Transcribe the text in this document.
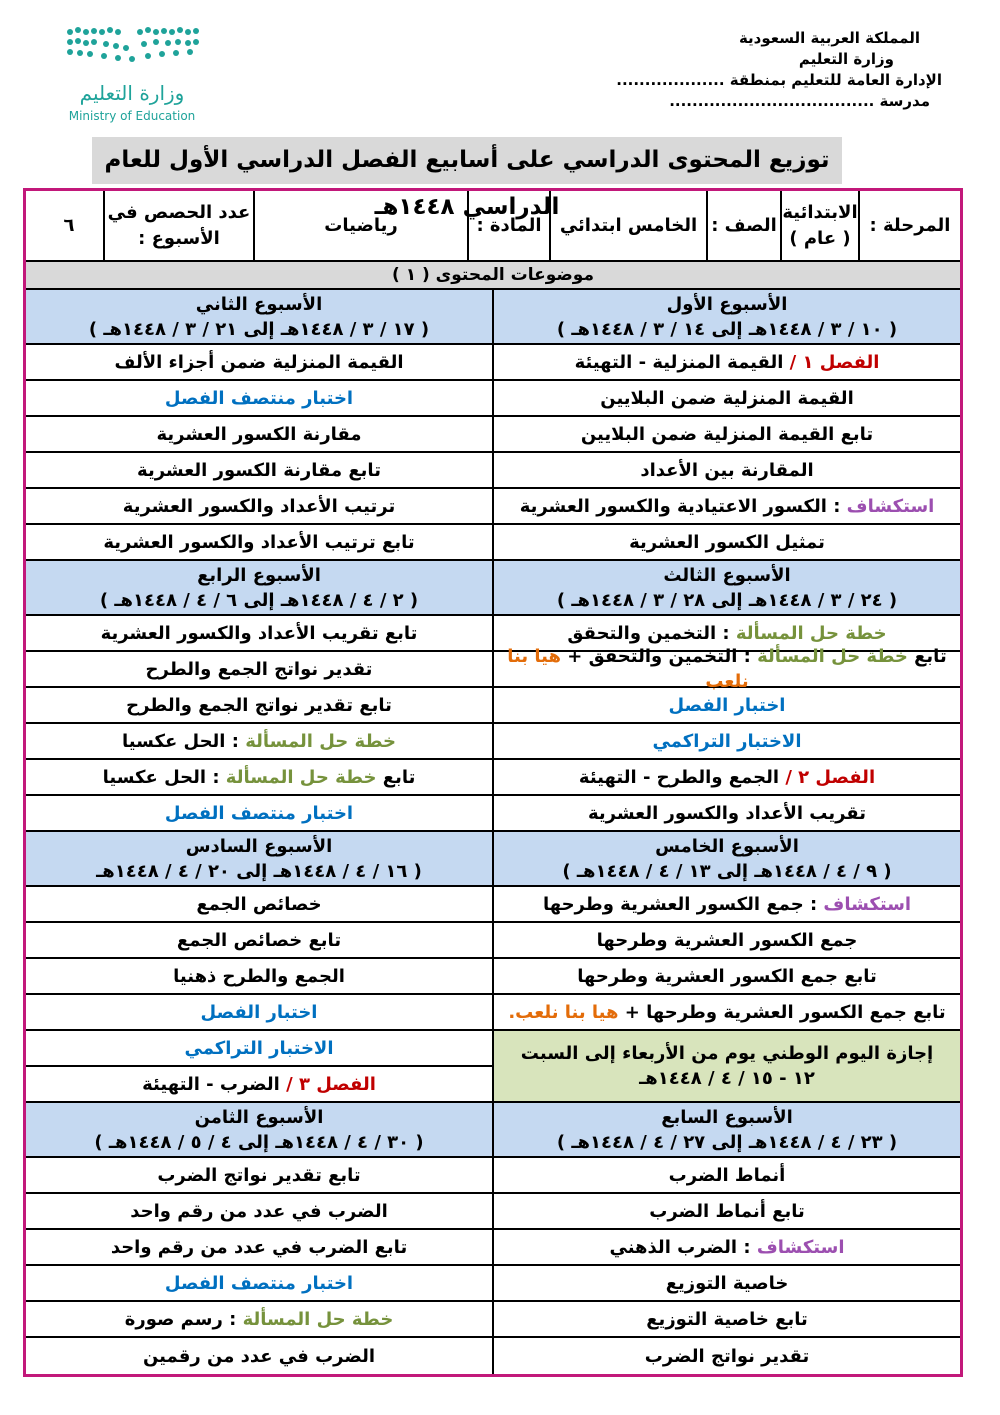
المملكة العربية السعودية
وزارة التعليم
الإدارة العامة للتعليم بمنطقة ...................
مدرسة ....................................
وزارة التعليم
Ministry of Education
توزيع المحتوى الدراسي على أسابيع الفصل الدراسي الأول للعام الدراسي ١٤٤٨هـ
المرحلة :
الابتدائية ( عام )
الصف :
الخامس ابتدائي
المادة :
رياضيات
عدد الحصص في الأسبوع :
٦
موضوعات المحتوى ( ١ )
الأسبوع الأول
( ١٠ / ٣ / ١٤٤٨هـ إلى ١٤ / ٣ / ١٤٤٨هـ )
الفصل ١ / القيمة المنزلية - التهيئة
القيمة المنزلية ضمن البلايين
تابع القيمة المنزلية ضمن البلايين
المقارنة بين الأعداد
استكشاف : الكسور الاعتيادية والكسور العشرية
تمثيل الكسور العشرية
الأسبوع الثالث
( ٢٤ / ٣ / ١٤٤٨هـ إلى ٢٨ / ٣ / ١٤٤٨هـ )
خطة حل المسألة : التخمين والتحقق
تابع خطة حل المسألة : التخمين والتحقق + هيا بنا نلعب
اختبار الفصل
الاختبار التراكمي
الفصل ٢ / الجمع والطرح - التهيئة
تقريب الأعداد والكسور العشرية
الأسبوع الخامس
( ٩ / ٤ / ١٤٤٨هـ إلى ١٣ / ٤ / ١٤٤٨هـ )
استكشاف : جمع الكسور العشرية وطرحها
جمع الكسور العشرية وطرحها
تابع جمع الكسور العشرية وطرحها
تابع جمع الكسور العشرية وطرحها + هيا بنا نلعب.
إجازة اليوم الوطني يوم من الأربعاء إلى السبت
١٢ - ١٥ / ٤ / ١٤٤٨هـ
الأسبوع السابع
( ٢٣ / ٤ / ١٤٤٨هـ إلى ٢٧ / ٤ / ١٤٤٨هـ )
أنماط الضرب
تابع أنماط الضرب
استكشاف : الضرب الذهني
خاصية التوزيع
تابع خاصية التوزيع
تقدير نواتج الضرب
الأسبوع الثاني
( ١٧ / ٣ / ١٤٤٨هـ إلى ٢١ / ٣ / ١٤٤٨هـ )
القيمة المنزلية ضمن أجزاء الألف
اختبار منتصف الفصل
مقارنة الكسور العشرية
تابع مقارنة الكسور العشرية
ترتيب الأعداد والكسور العشرية
تابع ترتيب الأعداد والكسور العشرية
الأسبوع الرابع
( ٢ / ٤ / ١٤٤٨هـ إلى ٦ / ٤ / ١٤٤٨هـ )
تابع تقريب الأعداد والكسور العشرية
تقدير نواتج الجمع والطرح
تابع تقدير نواتج الجمع والطرح
خطة حل المسألة : الحل عكسيا
تابع خطة حل المسألة : الحل عكسيا
اختبار منتصف الفصل
الأسبوع السادس
( ١٦ / ٤ / ١٤٤٨هـ إلى ٢٠ / ٤ / ١٤٤٨هـ
خصائص الجمع
تابع خصائص الجمع
الجمع والطرح ذهنيا
اختبار الفصل
الاختبار التراكمي
الفصل ٣ / الضرب - التهيئة
الأسبوع الثامن
( ٣٠ / ٤ / ١٤٤٨هـ إلى ٤ / ٥ / ١٤٤٨هـ )
تابع تقدير نواتج الضرب
الضرب في عدد من رقم واحد
تابع الضرب في عدد من رقم واحد
اختبار منتصف الفصل
خطة حل المسألة : رسم صورة
الضرب في عدد من رقمين
